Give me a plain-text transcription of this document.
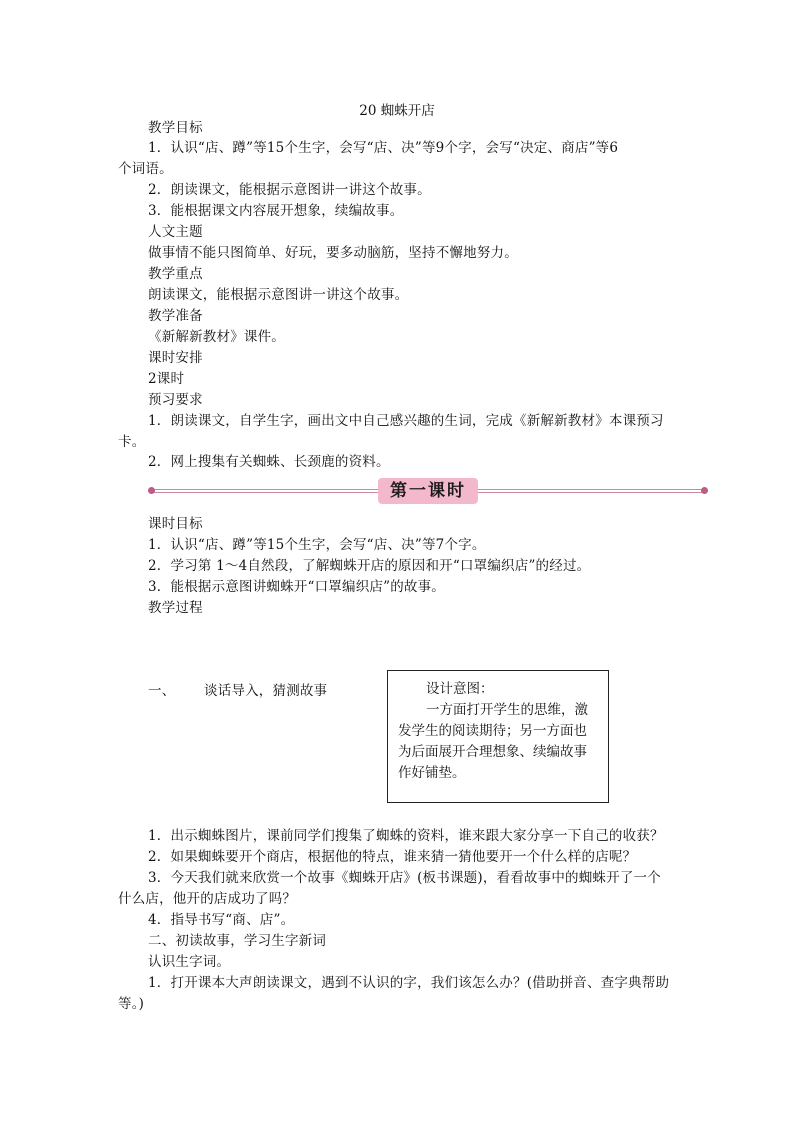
20 蜘蛛开店
教学目标
1．认识“店、蹲”等15个生字，会写“店、决”等9个字，会写“决定、商店”等6
个词语。
2．朗读课文，能根据示意图讲一讲这个故事。
3．能根据课文内容展开想象，续编故事。
人文主题
做事情不能只图简单、好玩，要多动脑筋，坚持不懈地努力。
教学重点
朗读课文，能根据示意图讲一讲这个故事。
教学准备
《新解新教材》课件。
课时安排
2课时
预习要求
1．朗读课文，自学生字，画出文中自己感兴趣的生词，完成《新解新教材》本课预习
卡。
2．网上搜集有关蜘蛛、长颈鹿的资料。
第一课时
课时目标
1．认识“店、蹲”等15个生字，会写“店、决”等7个字。
2．学习第 1～4自然段，了解蜘蛛开店的原因和开“口罩编织店”的经过。
3．能根据示意图讲蜘蛛开“口罩编织店”的故事。
教学过程
一、 谈话导入，猜测故事	设计意图：
一方面打开学生的思维，激
发学生的阅读期待；另一方面也
为后面展开合理想象、续编故事
作好铺垫。
1．出示蜘蛛图片，课前同学们搜集了蜘蛛的资料，谁来跟大家分享一下自己的收获？
2．如果蜘蛛要开个商店，根据他的特点，谁来猜一猜他要开一个什么样的店呢？
3．今天我们就来欣赏一个故事《蜘蛛开店》(板书课题)，看看故事中的蜘蛛开了一个
什么店，他开的店成功了吗？
4．指导书写“商、店”。
二、初读故事，学习生字新词
认识生字词。
1．打开课本大声朗读课文，遇到不认识的字，我们该怎么办？(借助拼音、查字典帮助
等。)
